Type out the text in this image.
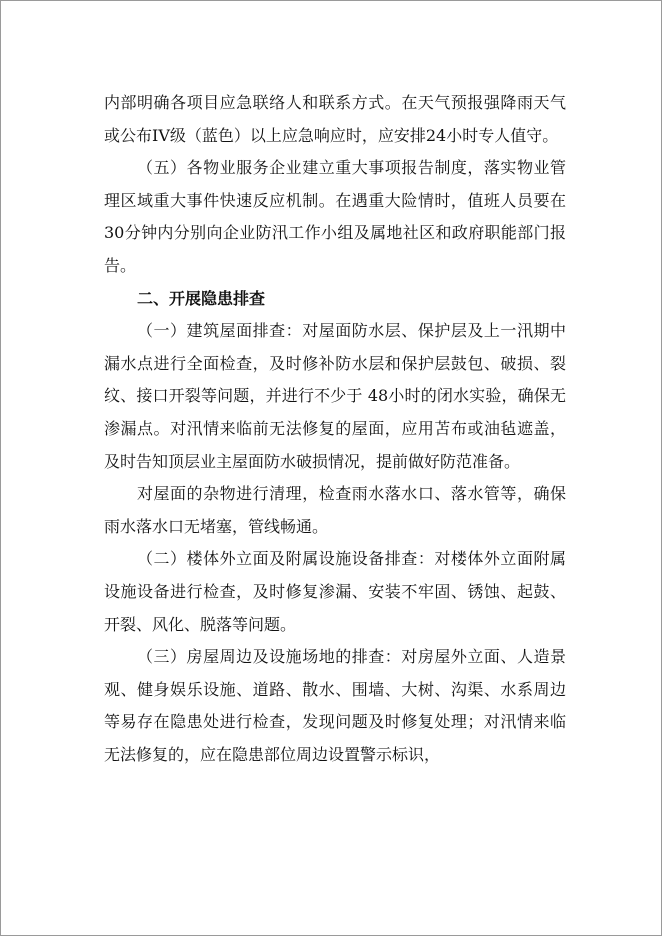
内部明确各项目应急联络人和联系方式。在天气预报强降雨天气或公布IV级（蓝色）以上应急响应时，应安排24小时专人值守。

（五）各物业服务企业建立重大事项报告制度，落实物业管理区域重大事件快速反应机制。在遇重大险情时，值班人员要在30分钟内分别向企业防汛工作小组及属地社区和政府职能部门报告。

二、开展隐患排查

（一）建筑屋面排查：对屋面防水层、保护层及上一汛期中漏水点进行全面检查，及时修补防水层和保护层鼓包、破损、裂纹、接口开裂等问题，并进行不少于 48小时的闭水实验，确保无渗漏点。对汛情来临前无法修复的屋面，应用苫布或油毡遮盖，及时告知顶层业主屋面防水破损情况，提前做好防范准备。

对屋面的杂物进行清理，检查雨水落水口、落水管等，确保雨水落水口无堵塞，管线畅通。

（二）楼体外立面及附属设施设备排查：对楼体外立面附属设施设备进行检查，及时修复渗漏、安装不牢固、锈蚀、起鼓、开裂、风化、脱落等问题。

（三）房屋周边及设施场地的排查：对房屋外立面、人造景观、健身娱乐设施、道路、散水、围墙、大树、沟渠、水系周边等易存在隐患处进行检查，发现问题及时修复处理；对汛情来临无法修复的，应在隐患部位周边设置警示标识，
